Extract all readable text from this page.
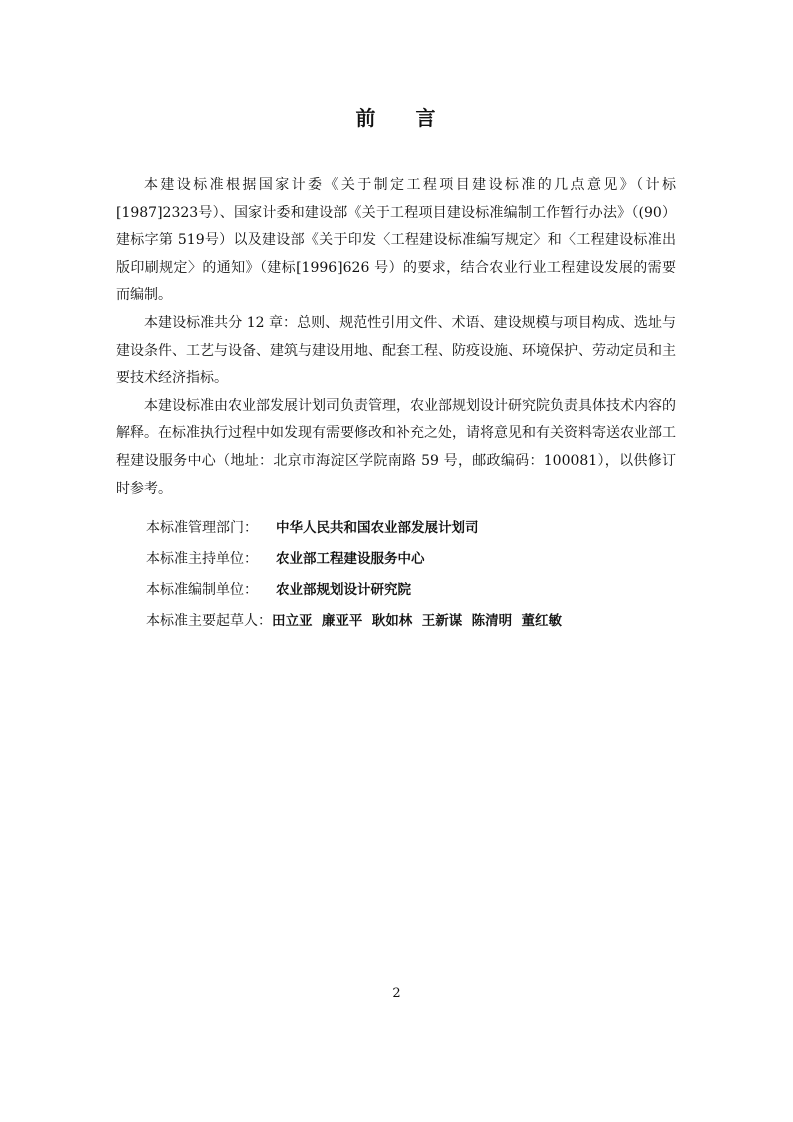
前 言

本建设标准根据国家计委《关于制定工程项目建设标准的几点意见》（计标[1987]2323号）、国家计委和建设部《关于工程项目建设标准编制工作暂行办法》（(90）建标字第 519号）以及建设部《关于印发〈工程建设标准编写规定〉和〈工程建设标准出版印刷规定〉的通知》（建标[1996]626 号）的要求，结合农业行业工程建设发展的需要而编制。

本建设标准共分 12 章：总则、规范性引用文件、术语、建设规模与项目构成、选址与建设条件、工艺与设备、建筑与建设用地、配套工程、防疫设施、环境保护、劳动定员和主要技术经济指标。

本建设标准由农业部发展计划司负责管理，农业部规划设计研究院负责具体技术内容的解释。在标准执行过程中如发现有需要修改和补充之处，请将意见和有关资料寄送农业部工程建设服务中心（地址：北京市海淀区学院南路 59 号，邮政编码：100081），以供修订时参考。

本标准管理部门： 中华人民共和国农业部发展计划司
本标准主持单位： 农业部工程建设服务中心
本标准编制单位： 农业部规划设计研究院
本标准主要起草人：田立亚  廉亚平  耿如林  王新谋  陈清明  董红敏
2
